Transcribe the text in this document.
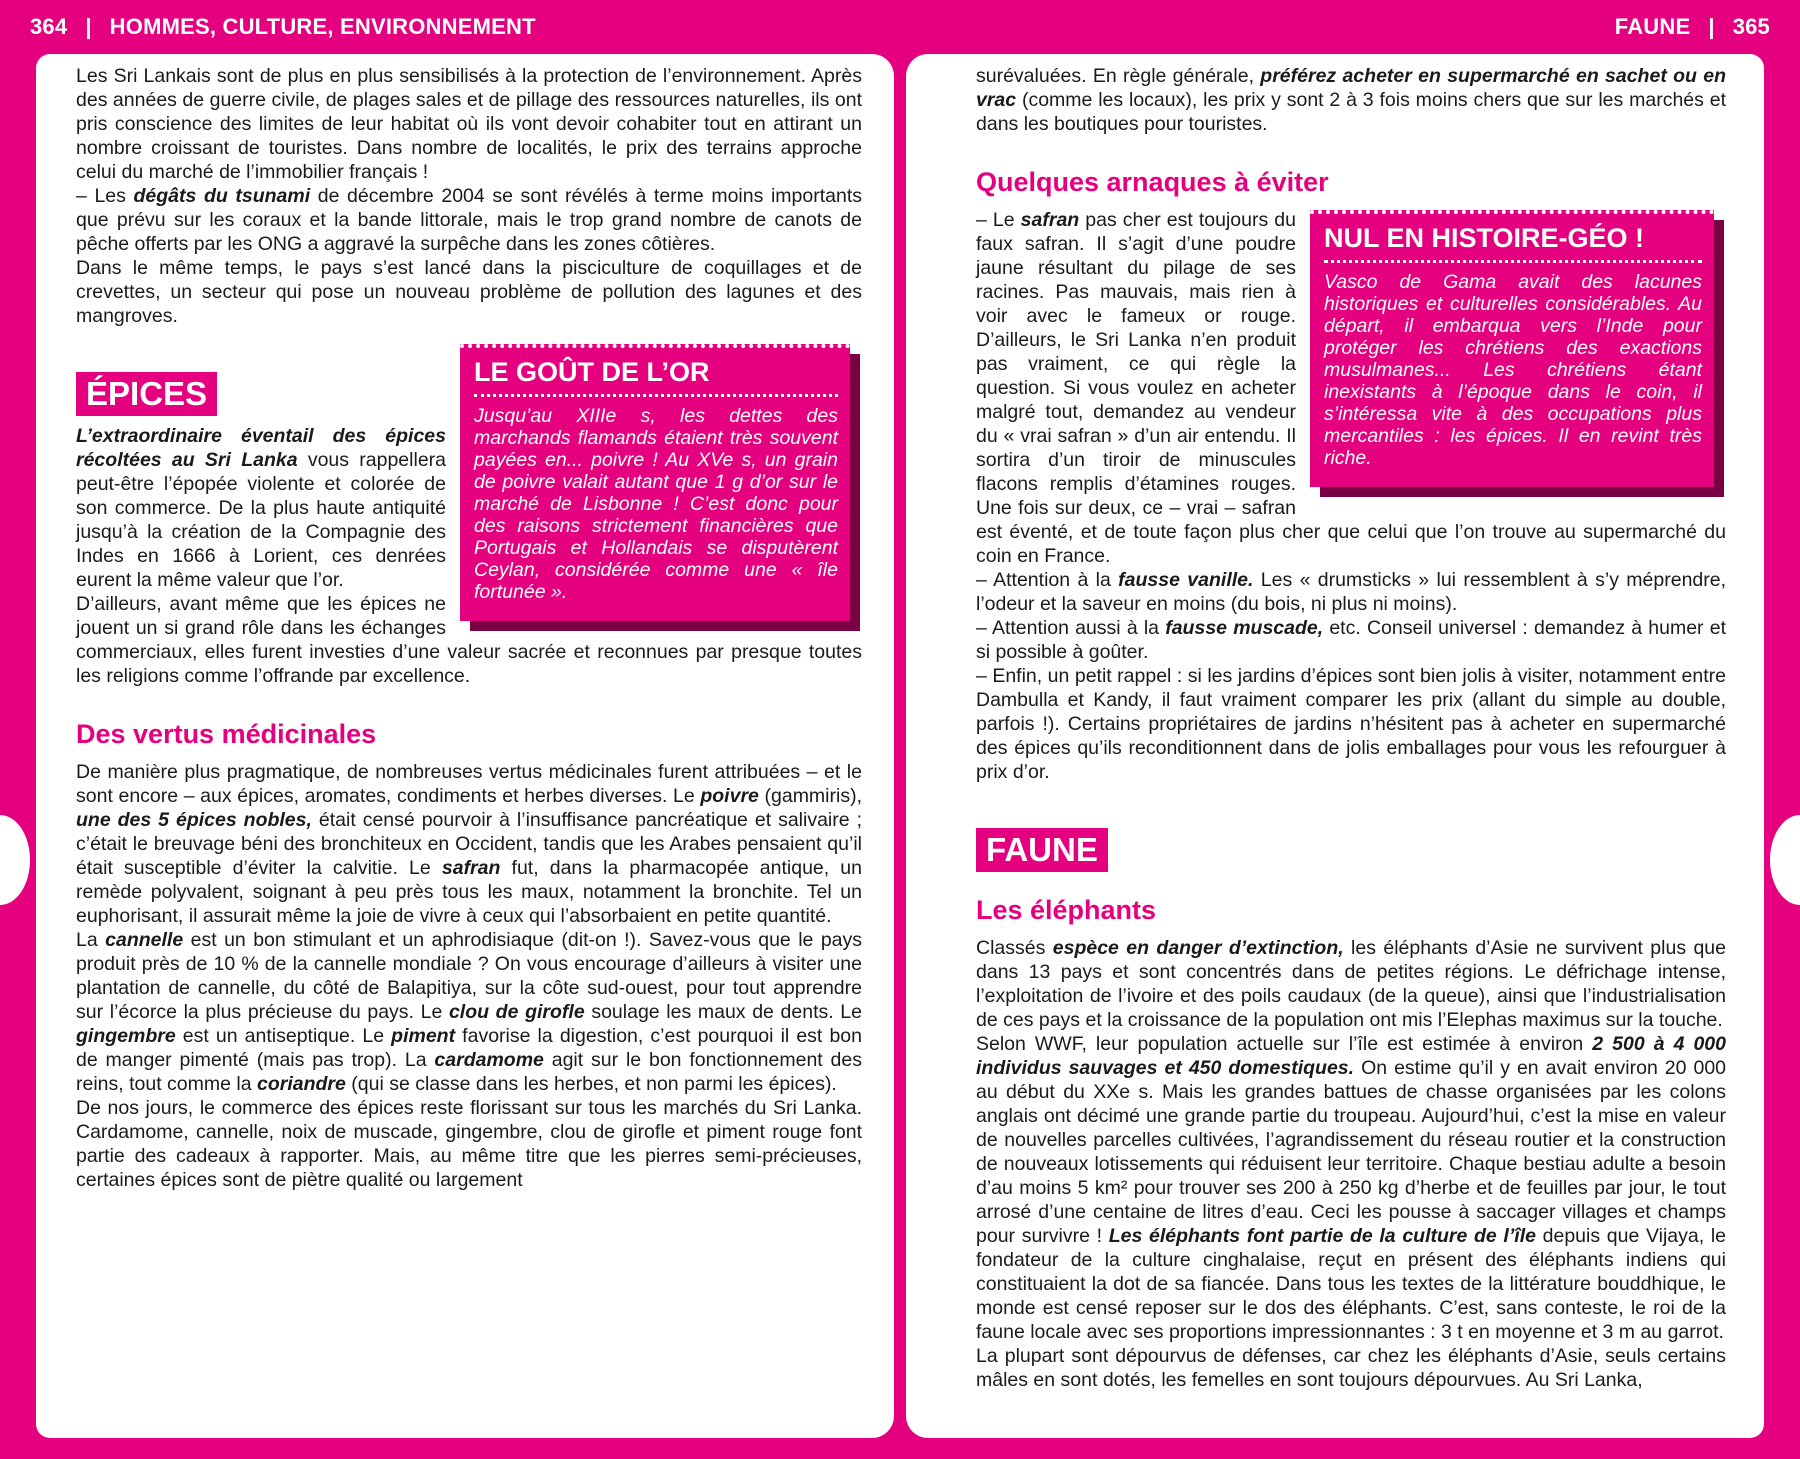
364 | HOMMES, CULTURE, ENVIRONNEMENT	FAUNE | 365

Les Sri Lankais sont de plus en plus sensibilisés à la protection de l’environnement. Après des années de guerre civile, de plages sales et de pillage des ressources naturelles, ils ont pris conscience des limites de leur habitat où ils vont devoir cohabiter tout en attirant un nombre croissant de touristes. Dans nombre de localités, le prix des terrains approche celui du marché de l’immobilier français !

– Les dégâts du tsunami de décembre 2004 se sont révélés à terme moins importants que prévu sur les coraux et la bande littorale, mais le trop grand nombre de canots de pêche offerts par les ONG a aggravé la surpêche dans les zones côtières.

Dans le même temps, le pays s’est lancé dans la pisciculture de coquillages et de crevettes, un secteur qui pose un nouveau problème de pollution des lagunes et des mangroves.

ÉPICES
LE GOÛT DE L’OR
Jusqu’au XIIIe s, les dettes des marchands flamands étaient très souvent payées en... poivre ! Au XVe s, un grain de poivre valait autant que 1 g d’or sur le marché de Lisbonne ! C’est donc pour des raisons strictement financières que Portugais et Hollandais se disputèrent Ceylan, considérée comme une « île fortunée ».

L’extraordinaire éventail des épices récoltées au Sri Lanka vous rappellera peut-être l’épopée violente et colorée de son commerce. De la plus haute antiquité jusqu’à la création de la Compagnie des Indes en 1666 à Lorient, ces denrées eurent la même valeur que l’or.

D’ailleurs, avant même que les épices ne jouent un si grand rôle dans les échanges commerciaux, elles furent investies d’une valeur sacrée et reconnues par presque toutes les religions comme l’offrande par excellence.

Des vertus médicinales

De manière plus pragmatique, de nombreuses vertus médicinales furent attribuées – et le sont encore – aux épices, aromates, condiments et herbes diverses. Le poivre (gammiris), une des 5 épices nobles, était censé pourvoir à l’insuffisance pancréatique et salivaire ; c’était le breuvage béni des bronchiteux en Occident, tandis que les Arabes pensaient qu’il était susceptible d’éviter la calvitie. Le safran fut, dans la pharmacopée antique, un remède polyvalent, soignant à peu près tous les maux, notamment la bronchite. Tel un euphorisant, il assurait même la joie de vivre à ceux qui l’absorbaient en petite quantité.

La cannelle est un bon stimulant et un aphrodisiaque (dit-on !). Savez-vous que le pays produit près de 10 % de la cannelle mondiale ? On vous encourage d’ailleurs à visiter une plantation de cannelle, du côté de Balapitiya, sur la côte sud-ouest, pour tout apprendre sur l’écorce la plus précieuse du pays. Le clou de girofle soulage les maux de dents. Le gingembre est un antiseptique. Le piment favorise la digestion, c’est pourquoi il est bon de manger pimenté (mais pas trop). La cardamome agit sur le bon fonctionnement des reins, tout comme la coriandre (qui se classe dans les herbes, et non parmi les épices).

De nos jours, le commerce des épices reste florissant sur tous les marchés du Sri Lanka. Cardamome, cannelle, noix de muscade, gingembre, clou de girofle et piment rouge font partie des cadeaux à rapporter. Mais, au même titre que les pierres semi-précieuses, certaines épices sont de piètre qualité ou largement

surévaluées. En règle générale, préférez acheter en supermarché en sachet ou en vrac (comme les locaux), les prix y sont 2 à 3 fois moins chers que sur les marchés et dans les boutiques pour touristes.

Quelques arnaques à éviter
NUL EN HISTOIRE-GÉO !
Vasco de Gama avait des lacunes historiques et culturelles considérables. Au départ, il embarqua vers l’Inde pour protéger les chrétiens des exactions musulmanes... Les chrétiens étant inexistants à l’époque dans le coin, il s’intéressa vite à des occupations plus mercantiles : les épices. Il en revint très riche.

– Le safran pas cher est toujours du faux safran. Il s’agit d’une poudre jaune résultant du pilage de ses racines. Pas mauvais, mais rien à voir avec le fameux or rouge. D’ailleurs, le Sri Lanka n’en produit pas vraiment, ce qui règle la question. Si vous voulez en acheter malgré tout, demandez au vendeur du « vrai safran » d’un air entendu. Il sortira d’un tiroir de minuscules flacons remplis d’étamines rouges. Une fois sur deux, ce – vrai – safran est éventé, et de toute façon plus cher que celui que l’on trouve au supermarché du coin en France.

– Attention à la fausse vanille. Les « drumsticks » lui ressemblent à s’y méprendre, l’odeur et la saveur en moins (du bois, ni plus ni moins).

– Attention aussi à la fausse muscade, etc. Conseil universel : demandez à humer et si possible à goûter.

– Enfin, un petit rappel : si les jardins d’épices sont bien jolis à visiter, notamment entre Dambulla et Kandy, il faut vraiment comparer les prix (allant du simple au double, parfois !). Certains propriétaires de jardins n’hésitent pas à acheter en supermarché des épices qu’ils reconditionnent dans de jolis emballages pour vous les refourguer à prix d’or.

FAUNE
Les éléphants

Classés espèce en danger d’extinction, les éléphants d’Asie ne survivent plus que dans 13 pays et sont concentrés dans de petites régions. Le défrichage intense, l’exploitation de l’ivoire et des poils caudaux (de la queue), ainsi que l’industrialisation de ces pays et la croissance de la population ont mis l’Elephas maximus sur la touche.

Selon WWF, leur population actuelle sur l’île est estimée à environ 2 500 à 4 000 individus sauvages et 450 domestiques. On estime qu’il y en avait environ 20 000 au début du XXe s. Mais les grandes battues de chasse organisées par les colons anglais ont décimé une grande partie du troupeau. Aujourd’hui, c’est la mise en valeur de nouvelles parcelles cultivées, l’agrandissement du réseau routier et la construction de nouveaux lotissements qui réduisent leur territoire. Chaque bestiau adulte a besoin d’au moins 5 km² pour trouver ses 200 à 250 kg d’herbe et de feuilles par jour, le tout arrosé d’une centaine de litres d’eau. Ceci les pousse à saccager villages et champs pour survivre ! Les éléphants font partie de la culture de l’île depuis que Vijaya, le fondateur de la culture cinghalaise, reçut en présent des éléphants indiens qui constituaient la dot de sa fiancée. Dans tous les textes de la littérature bouddhique, le monde est censé reposer sur le dos des éléphants. C’est, sans conteste, le roi de la faune locale avec ses proportions impressionnantes : 3 t en moyenne et 3 m au garrot.

La plupart sont dépourvus de défenses, car chez les éléphants d’Asie, seuls certains mâles en sont dotés, les femelles en sont toujours dépourvues. Au Sri Lanka,
